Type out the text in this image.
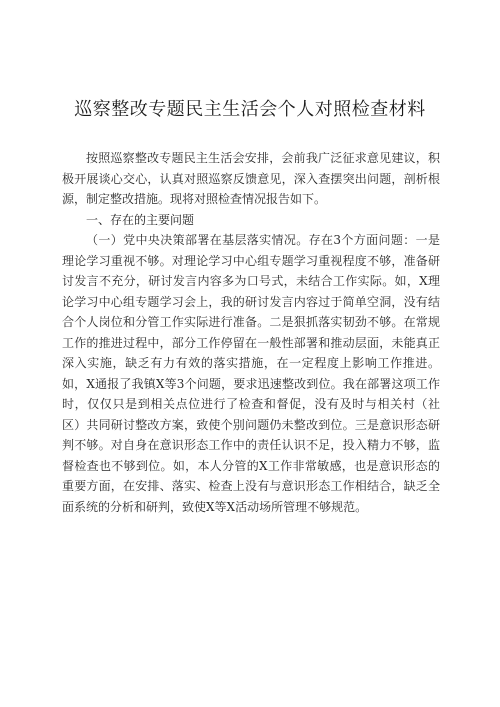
巡察整改专题民主生活会个人对照检查材料

按照巡察整改专题民主生活会安排，会前我广泛征求意见建议，积极开展谈心交心，认真对照巡察反馈意见，深入查摆突出问题，剖析根源，制定整改措施。现将对照检查情况报告如下。

一、存在的主要问题

（一）党中央决策部署在基层落实情况。存在3个方面问题：一是理论学习重视不够。对理论学习中心组专题学习重视程度不够，准备研讨发言不充分，研讨发言内容多为口号式，未结合工作实际。如，X理论学习中心组专题学习会上，我的研讨发言内容过于简单空洞，没有结合个人岗位和分管工作实际进行准备。二是狠抓落实韧劲不够。在常规工作的推进过程中，部分工作停留在一般性部署和推动层面，未能真正深入实施，缺乏有力有效的落实措施，在一定程度上影响工作推进。如，X通报了我镇X等3个问题，要求迅速整改到位。我在部署这项工作时，仅仅只是到相关点位进行了检查和督促，没有及时与相关村（社区）共同研讨整改方案，致使个别问题仍未整改到位。三是意识形态研判不够。对自身在意识形态工作中的责任认识不足，投入精力不够，监督检查也不够到位。如，本人分管的X工作非常敏感，也是意识形态的重要方面，在安排、落实、检查上没有与意识形态工作相结合，缺乏全面系统的分析和研判，致使X等X活动场所管理不够规范。
